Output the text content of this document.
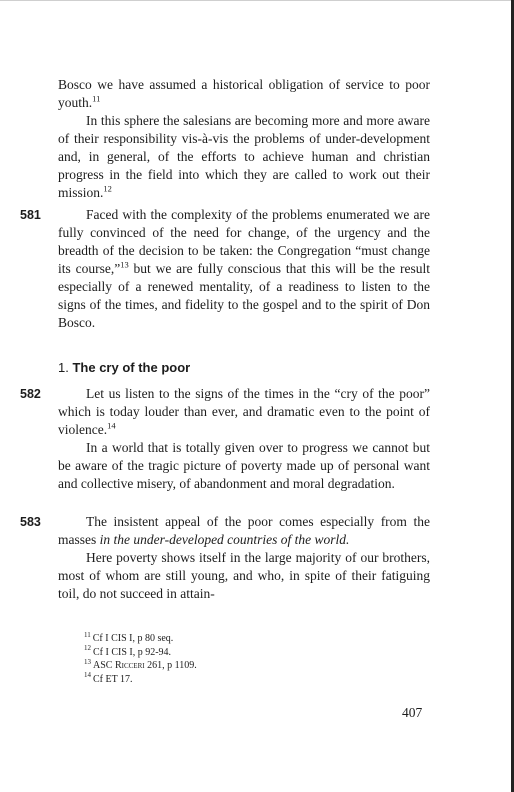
Bosco we have assumed a historical obligation of service to poor youth.$^{11}$

In this sphere the salesians are becoming more and more aware of their responsibility vis-à-vis the problems of under-development and, in general, of the efforts to achieve human and christian progress in the field into which they are called to work out their mission.$^{12}$

581	Faced with the complexity of the problems enumerated we are fully convinced of the need for change, of the urgency and the breadth of the decision to be taken: the Congregation “must change its course,”$^{13}$ but we are fully conscious that this will be the result especially of a renewed mentality, of a readiness to listen to the signs of the times, and fidelity to the gospel and to the spirit of Don Bosco.

1. The cry of the poor
582	Let us listen to the signs of the times in the “cry of the poor” which is today louder than ever, and dramatic even to the point of violence.$^{14}$

In a world that is totally given over to progress we cannot but be aware of the tragic picture of poverty made up of personal want and collective misery, of abandonment and moral degradation.

583	The insistent appeal of the poor comes especially from the masses in the under-developed countries of the world.

Here poverty shows itself in the large majority of our brothers, most of whom are still young, and who, in spite of their fatiguing toil, do not succeed in attain-

$^{11}$ Cf I CIS I, p 80 seq.
$^{12}$ Cf I CIS I, p 92-94.
$^{13}$ ASC Ricceri 261, p 1109.
$^{14}$ Cf ET 17.
407
